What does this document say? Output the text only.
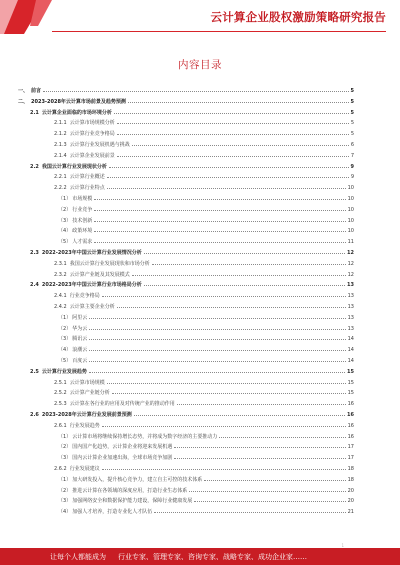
云计算企业股权激励策略研究报告
内容目录
一、 前言	5
二、 2023-2028年云计算市场前景及趋势预测	5
2.1 云计算企业面临的市场环境分析	5
2.1.1 云计算市场规模分析	5
2.1.2 云计算行业竞争格局	5
2.1.3 云计算行业发展机遇与挑战	6
2.1.4 云计算企业发展前景	7
2.2 我国云计算行业发展现状分析	9
2.2.1 云计算行业概述	9
2.2.2 云计算行业特点	10
（1） 市场规模	10
（2） 行业竞争	10
（3） 技术创新	10
（4） 政策环境	10
（5） 人才需求	11
2.3 2022-2023年中国云计算行业发展情况分析	12
2.3.1 我国云计算行业发展现状和市场分析	12
2.3.2 云计算产业链及其发展模式	12
2.4 2022-2023年中国云计算行业市场格局分析	13
2.4.1 行业竞争格局	13
2.4.2 云计算主要企业分析	13
（1） 阿里云	13
（2） 华为云	13
（3） 腾讯云	14
（4） 浪潮云	14
（5） 百度云	14
2.5 云计算行业发展趋势	15
2.5.1 云计算市场规模	15
2.5.2 云计算产业链分析	15
2.5.3 云计算在各行业的应用及对传统产业的推动作用	16
2.6 2023-2028年云计算行业发展前景预测	16
2.6.1 行业发展趋势	16
（1） 云计算市场将继续保持增长态势，并将成为数字经济的主要推动力	16
（2） 国内国产化趋势，云计算企业将迎来发展机遇	17
（3） 国内云计算企业加速出海，全球市场竞争加剧	17
2.6.2 行业发展建议	18
（1） 加大研发投入，提升核心竞争力，建立自主可控的技术体系	18
（2） 推进云计算在各领域的深度应用，打造行业生态体系	20
（3） 加强网络安全和数据保护能力建设，保障行业健康发展	20
（4） 加强人才培养，打造专业化人才队伍	21
1
让每个人都能成为 行业专家、管理专家、咨询专家、战略专家、成功企业家……
